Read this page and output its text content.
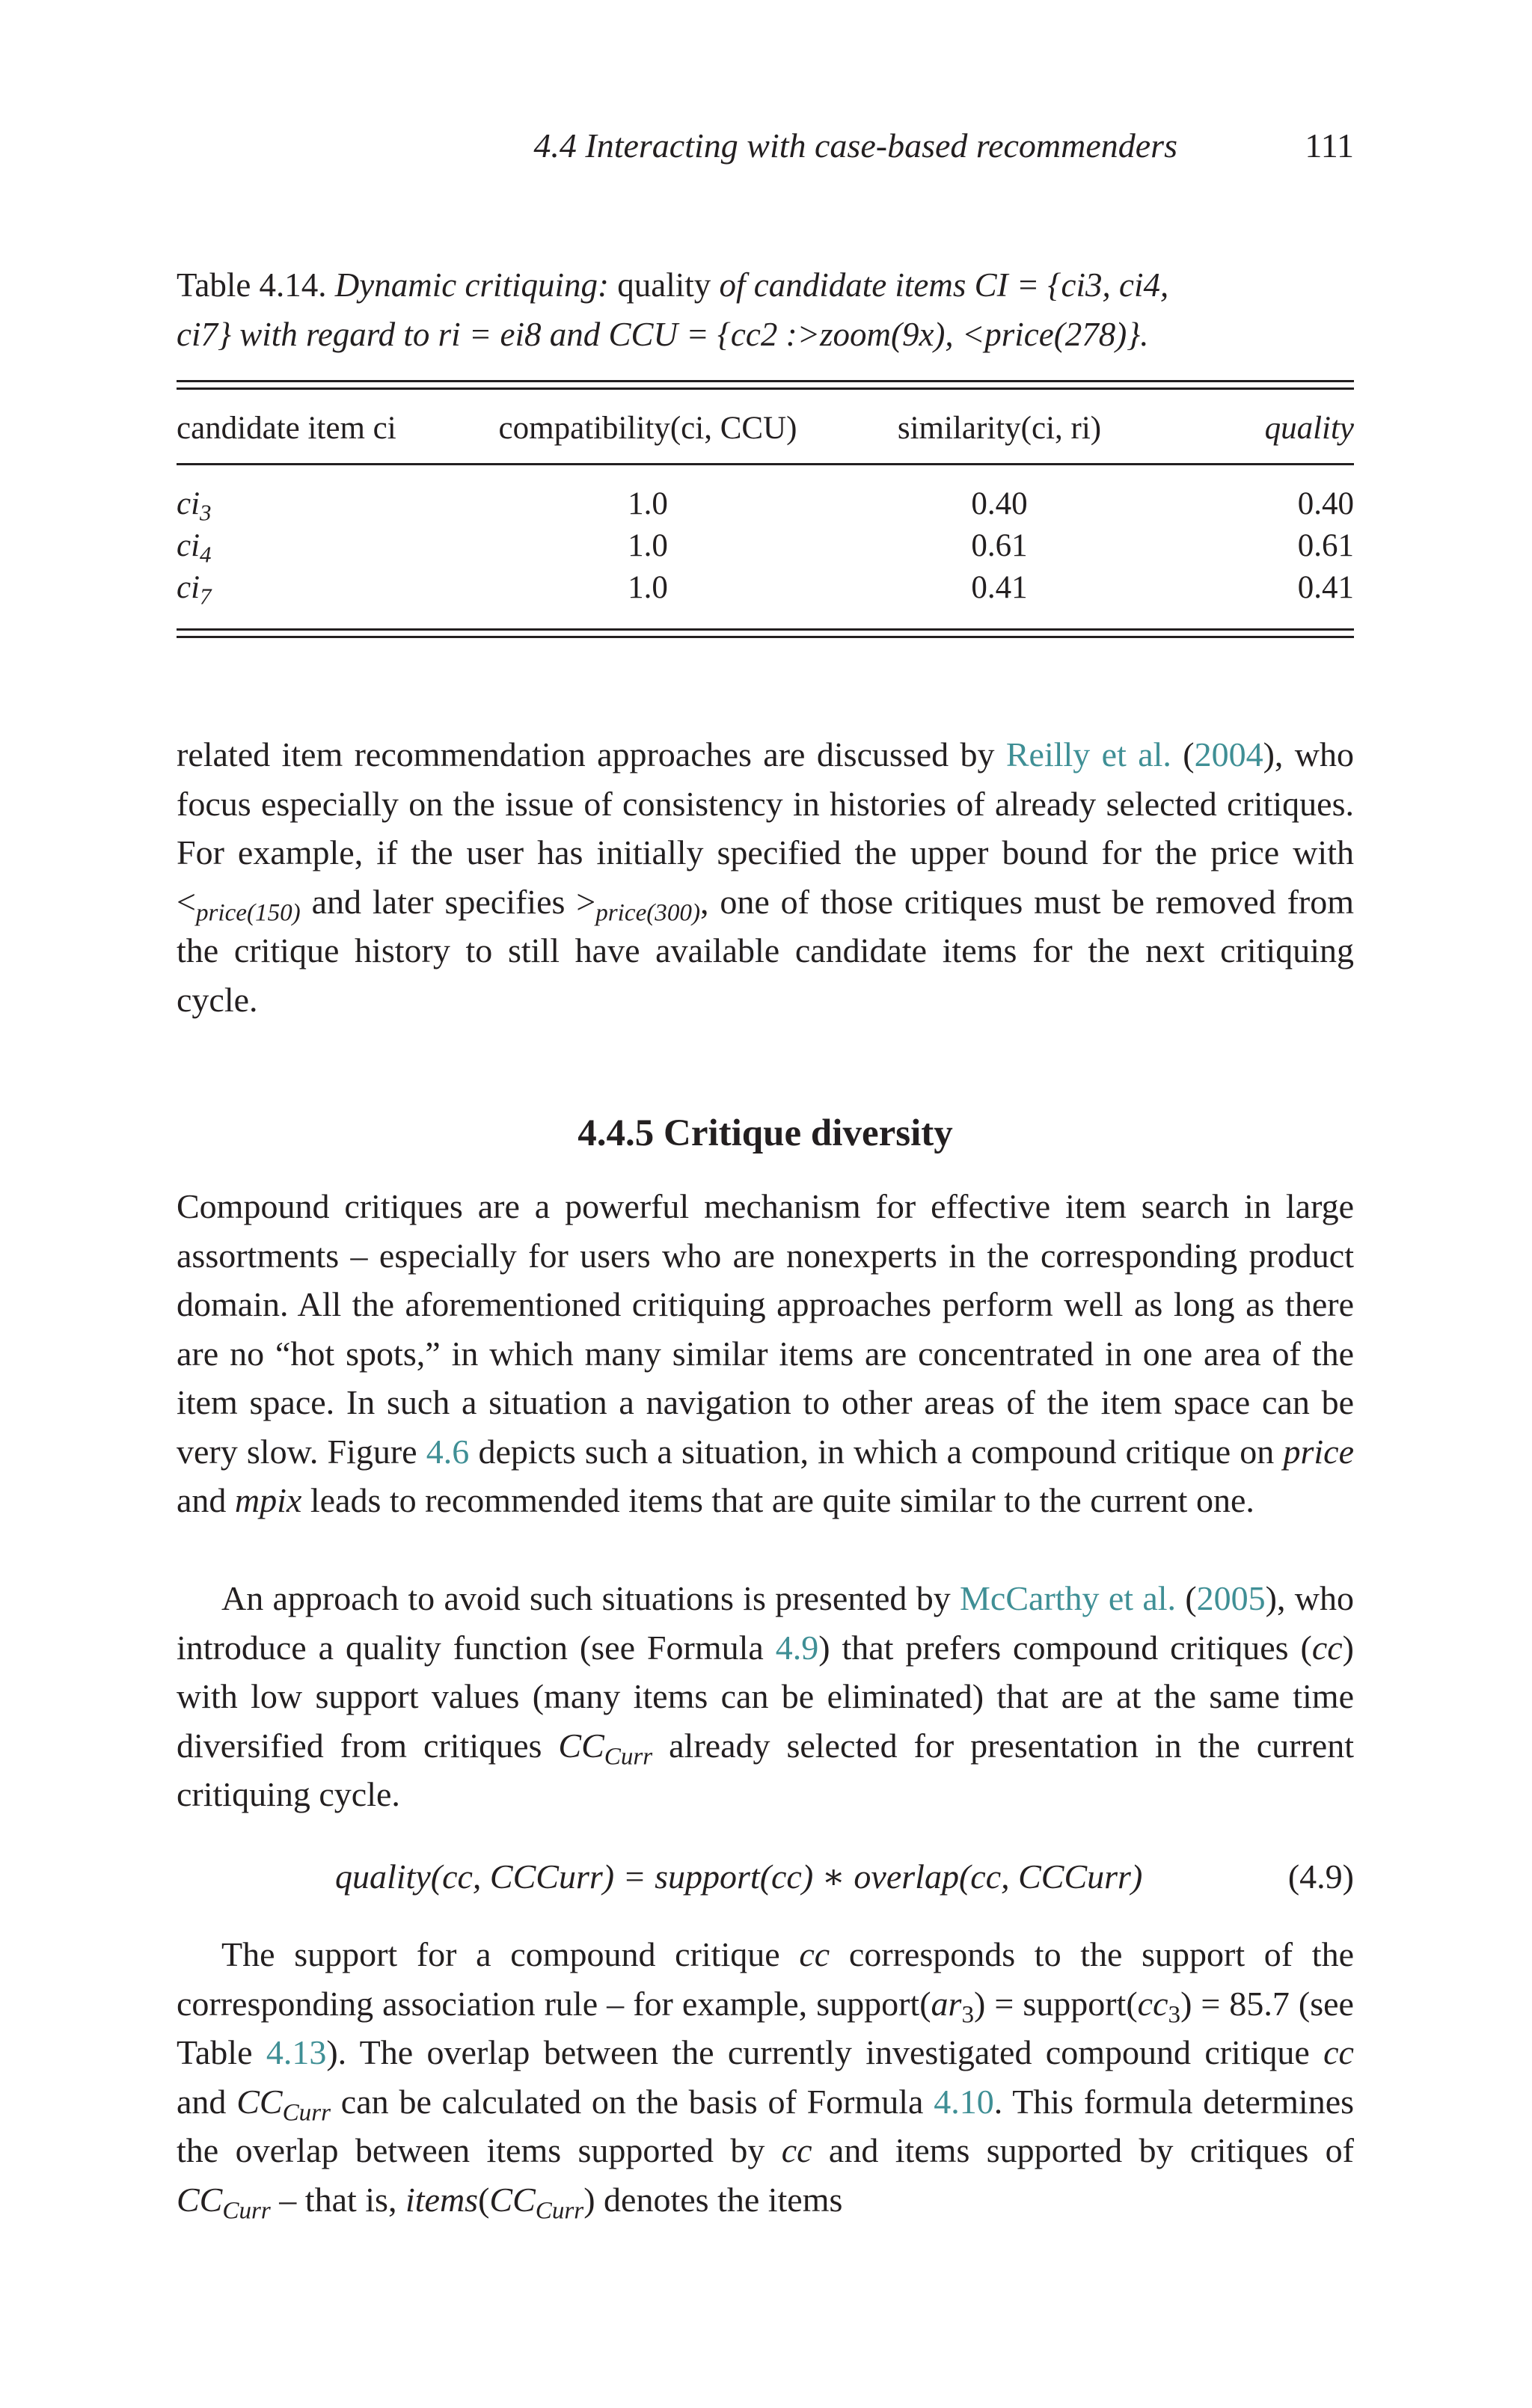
4.4 Interacting with case-based recommenders	111
Table 4.14. Dynamic critiquing: quality of candidate items CI = {ci3, ci4,
ci7} with regard to ri = ei8 and CCU = {cc2 :>zoom(9x), <price(278)}.
candidate item ci	compatibility(ci, CCU)	similarity(ci, ri)	quality
$ci_3$	1.0	0.40	0.40
$ci_4$	1.0	0.61	0.61
$ci_7$	1.0	0.41	0.41

related item recommendation approaches are discussed by Reilly et al. (2004), who focus especially on the issue of consistency in histories of already selected critiques. For example, if the user has initially specified the upper bound for the price with $<_{price(150)}$ and later specifies $>_{price(300)}$, one of those critiques must be removed from the critique history to still have available candidate items for the next critiquing cycle.

4.4.5 Critique diversity

Compound critiques are a powerful mechanism for effective item search in large assortments – especially for users who are nonexperts in the corresponding product domain. All the aforementioned critiquing approaches perform well as long as there are no “hot spots,” in which many similar items are concentrated in one area of the item space. In such a situation a navigation to other areas of the item space can be very slow. Figure 4.6 depicts such a situation, in which a compound critique on price and mpix leads to recommended items that are quite similar to the current one.

An approach to avoid such situations is presented by McCarthy et al. (2005), who introduce a quality function (see Formula 4.9) that prefers compound critiques (cc) with low support values (many items can be eliminated) that are at the same time diversified from critiques $CC_{Curr}$ already selected for presentation in the current critiquing cycle.

quality(cc, CCCurr) = support(cc) ∗ overlap(cc, CCCurr)	(4.9)

The support for a compound critique cc corresponds to the support of the corresponding association rule – for example, $support(ar_3)$ = $support(cc_3) = 85.7$ (see Table 4.13). The overlap between the currently investigated compound critique cc and $CC_{Curr}$ can be calculated on the basis of Formula 4.10. This formula determines the overlap between items supported by cc and items supported by critiques of $CC_{Curr}$ – that is, $items(CC_{Curr})$ denotes the items
